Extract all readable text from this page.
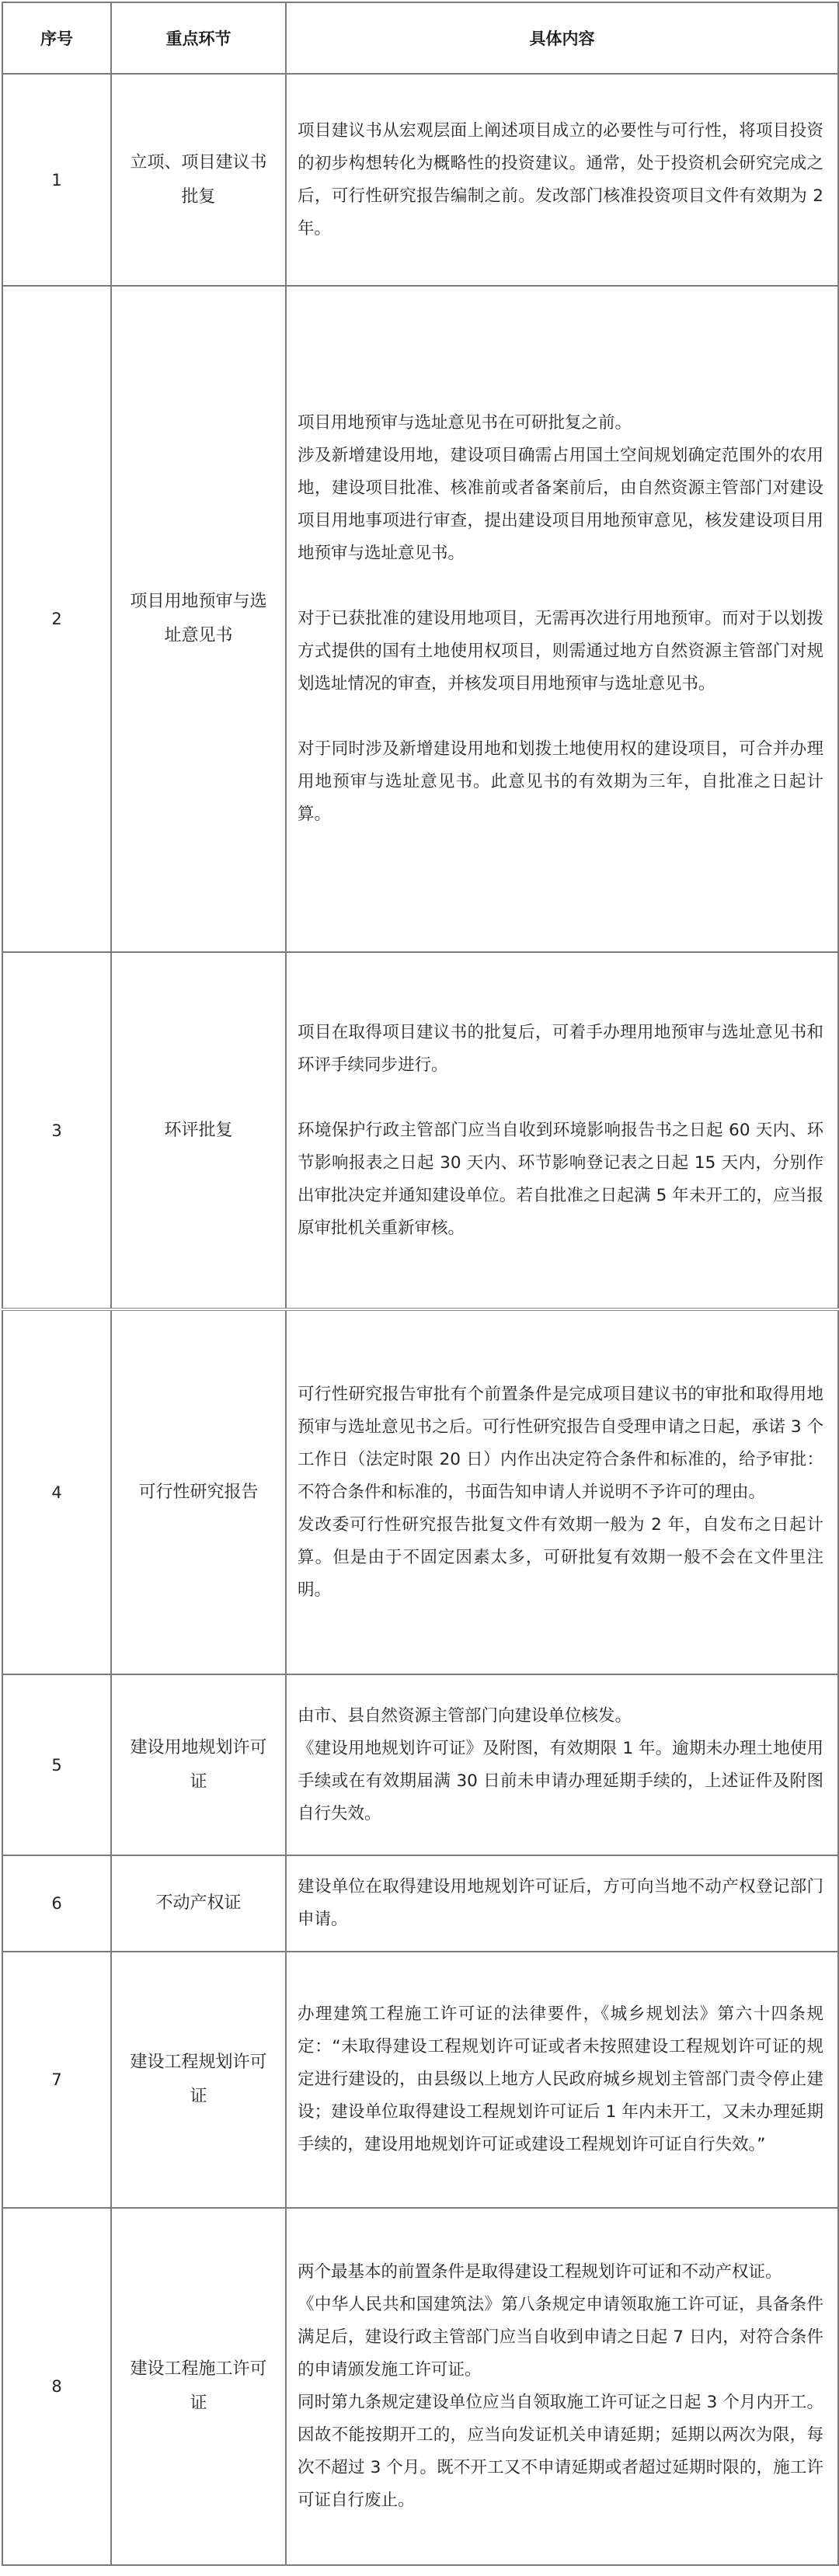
序号	重点环节	具体内容
1	立项、项目建议书批复	项目建议书从宏观层面上阐述项目成立的必要性与可行性，将项目投资的初步构想转化为概略性的投资建议。通常，处于投资机会研究完成之后，可行性研究报告编制之前。发改部门核准投资项目文件有效期为 2 年。

2	项目用地预审与选址意见书	项目用地预审与选址意见书在可研批复之前。

涉及新增建设用地，建设项目确需占用国土空间规划确定范围外的农用地，建设项目批准、核准前或者备案前后，由自然资源主管部门对建设项目用地事项进行审查，提出建设项目用地预审意见，核发建设项目用地预审与选址意见书。

对于已获批准的建设用地项目，无需再次进行用地预审。而对于以划拨方式提供的国有土地使用权项目，则需通过地方自然资源主管部门对规划选址情况的审查，并核发项目用地预审与选址意见书。

对于同时涉及新增建设用地和划拨土地使用权的建设项目，可合并办理用地预审与选址意见书。此意见书的有效期为三年，自批准之日起计算。

3	环评批复	项目在取得项目建议书的批复后，可着手办理用地预审与选址意见书和环评手续同步进行。

环境保护行政主管部门应当自收到环境影响报告书之日起 60 天内、环节影响报表之日起 30 天内、环节影响登记表之日起 15 天内，分别作出审批决定并通知建设单位。若自批准之日起满 5 年未开工的，应当报原审批机关重新审核。

4	可行性研究报告	可行性研究报告审批有个前置条件是完成项目建议书的审批和取得用地预审与选址意见书之后。可行性研究报告自受理申请之日起，承诺 3 个工作日（法定时限 20 日）内作出决定符合条件和标准的，给予审批：不符合条件和标准的，书面告知申请人并说明不予许可的理由。

发改委可行性研究报告批复文件有效期一般为 2 年，自发布之日起计算。但是由于不固定因素太多，可研批复有效期一般不会在文件里注明。

5	建设用地规划许可证	由市、县自然资源主管部门向建设单位核发。

《建设用地规划许可证》及附图，有效期限 1 年。逾期未办理土地使用手续或在有效期届满 30 日前未申请办理延期手续的，上述证件及附图自行失效。

6	不动产权证	建设单位在取得建设用地规划许可证后，方可向当地不动产权登记部门申请。

7	建设工程规划许可证	办理建筑工程施工许可证的法律要件，《城乡规划法》第六十四条规定：“未取得建设工程规划许可证或者未按照建设工程规划许可证的规定进行建设的，由县级以上地方人民政府城乡规划主管部门责令停止建设；建设单位取得建设工程规划许可证后 1 年内未开工，又未办理延期手续的，建设用地规划许可证或建设工程规划许可证自行失效。”

8	建设工程施工许可证	两个最基本的前置条件是取得建设工程规划许可证和不动产权证。

《中华人民共和国建筑法》第八条规定申请领取施工许可证，具备条件满足后，建设行政主管部门应当自收到申请之日起 7 日内，对符合条件的申请颁发施工许可证。

同时第九条规定建设单位应当自领取施工许可证之日起 3 个月内开工。因故不能按期开工的，应当向发证机关申请延期；延期以两次为限，每次不超过 3 个月。既不开工又不申请延期或者超过延期时限的，施工许可证自行废止。
